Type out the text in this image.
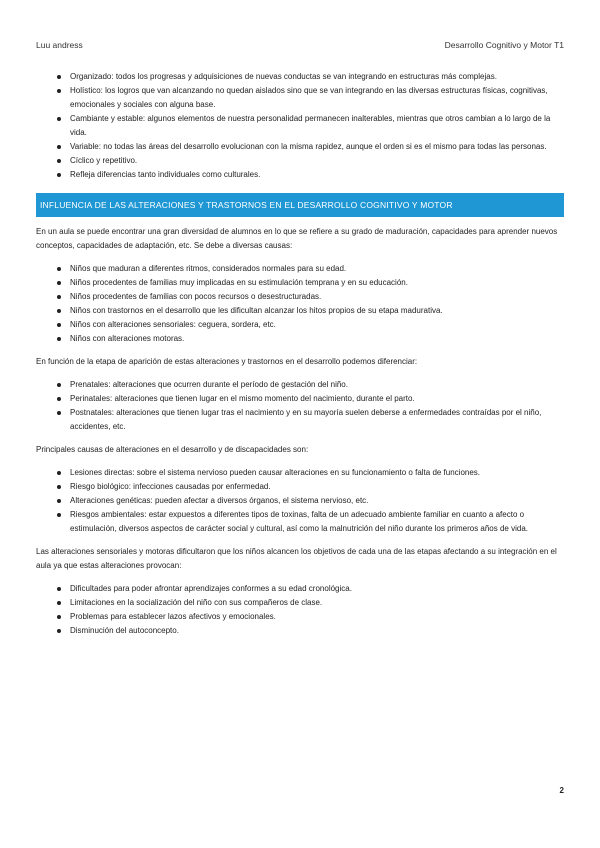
Luu andress	Desarrollo Cognitivo y Motor T1
Organizado: todos los progresas y adquisiciones de nuevas conductas se van integrando en estructuras más complejas.
Holístico: los logros que van alcanzando no quedan aislados sino que se van integrando en las diversas estructuras físicas, cognitivas, emocionales y sociales con alguna base.
Cambiante y estable: algunos elementos de nuestra personalidad permanecen inalterables, mientras que otros cambian a lo largo de la vida.
Variable: no todas las áreas del desarrollo evolucionan con la misma rapidez, aunque el orden si es el mismo para todas las personas.
Cíclico y repetitivo.
Refleja diferencias tanto individuales como culturales.
INFLUENCIA DE LAS ALTERACIONES Y TRASTORNOS EN EL DESARROLLO COGNITIVO Y MOTOR

En un aula se puede encontrar una gran diversidad de alumnos en lo que se refiere a su grado de maduración, capacidades para aprender nuevos conceptos, capacidades de adaptación, etc. Se debe a diversas causas:

Niños que maduran a diferentes ritmos, considerados normales para su edad.
Niños procedentes de familias muy implicadas en su estimulación temprana y en su educación.
Niños procedentes de familias con pocos recursos o desestructuradas.
Niños con trastornos en el desarrollo que les dificultan alcanzar los hitos propios de su etapa madurativa.
Niños con alteraciones sensoriales: ceguera, sordera, etc.
Niños con alteraciones motoras.

En función de la etapa de aparición de estas alteraciones y trastornos en el desarrollo podemos diferenciar:

Prenatales: alteraciones que ocurren durante el período de gestación del niño.
Perinatales: alteraciones que tienen lugar en el mismo momento del nacimiento, durante el parto.
Postnatales: alteraciones que tienen lugar tras el nacimiento y en su mayoría suelen deberse a enfermedades contraídas por el niño, accidentes, etc.

Principales causas de alteraciones en el desarrollo y de discapacidades son:

Lesiones directas: sobre el sistema nervioso pueden causar alteraciones en su funcionamiento o falta de funciones.
Riesgo biológico: infecciones causadas por enfermedad.
Alteraciones genéticas: pueden afectar a diversos órganos, el sistema nervioso, etc.
Riesgos ambientales: estar expuestos a diferentes tipos de toxinas, falta de un adecuado ambiente familiar en cuanto a afecto o estimulación, diversos aspectos de carácter social y cultural, así como la malnutrición del niño durante los primeros años de vida.

Las alteraciones sensoriales y motoras dificultaron que los niños alcancen los objetivos de cada una de las etapas afectando a su integración en el aula ya que estas alteraciones provocan:

Dificultades para poder afrontar aprendizajes conformes a su edad cronológica.
Limitaciones en la socialización del niño con sus compañeros de clase.
Problemas para establecer lazos afectivos y emocionales.
Disminución del autoconcepto.
2
